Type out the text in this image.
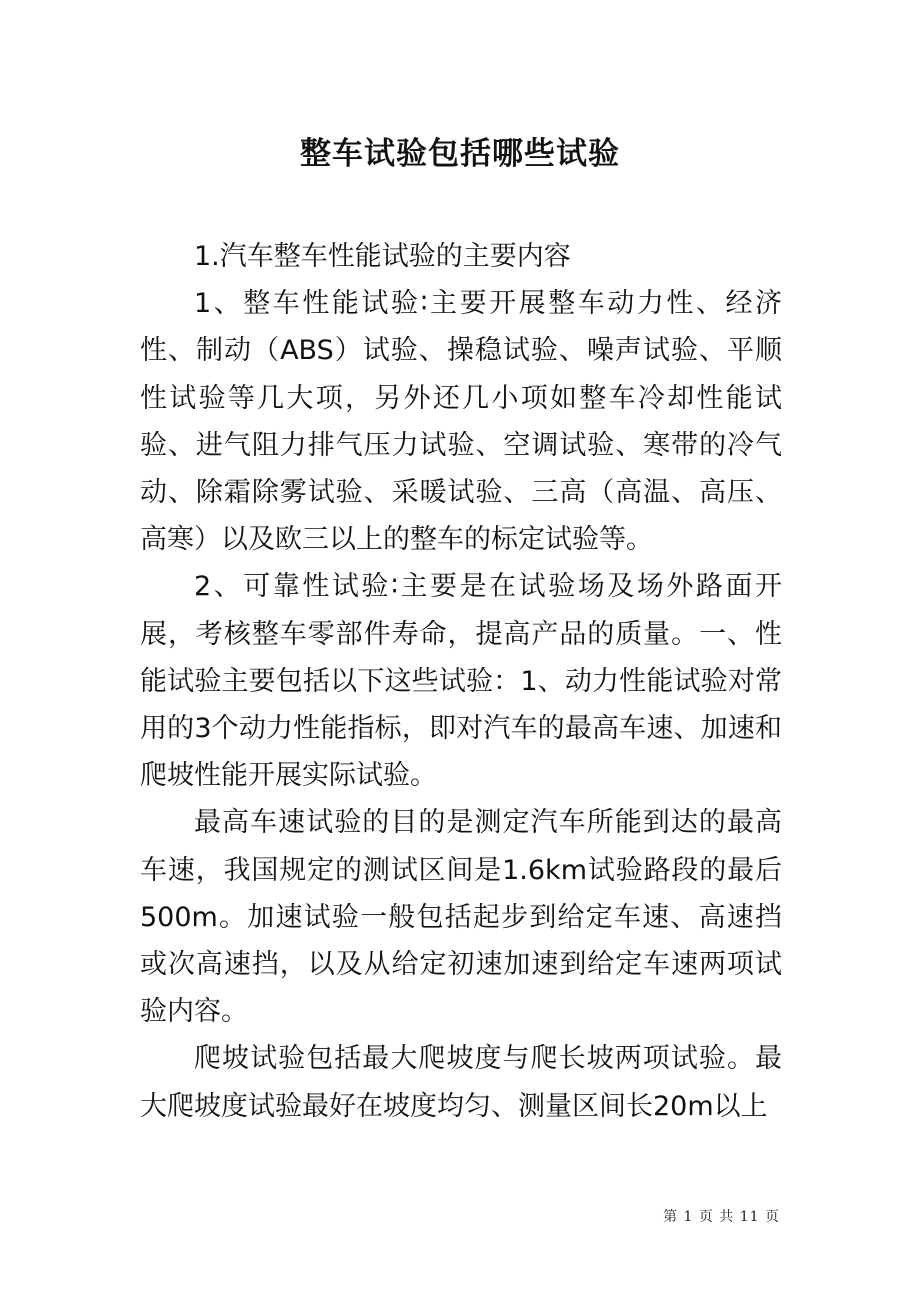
整车试验包括哪些试验

1.汽车整车性能试验的主要内容

1、整车性能试验∶主要开展整车动力性、经济性、制动（ABS）试验、操稳试验、噪声试验、平顺性试验等几大项，另外还几小项如整车冷却性能试验、进气阻力排气压力试验、空调试验、寒带的冷气动、除霜除雾试验、采暖试验、三高（高温、高压、高寒）以及欧三以上的整车的标定试验等。

2、可靠性试验∶主要是在试验场及场外路面开展，考核整车零部件寿命，提高产品的质量。一、性能试验主要包括以下这些试验：1、动力性能试验对常用的3个动力性能指标，即对汽车的最高车速、加速和爬坡性能开展实际试验。

最高车速试验的目的是测定汽车所能到达的最高车速，我国规定的测试区间是1.6km试验路段的最后500m。加速试验一般包括起步到给定车速、高速挡或次高速挡，以及从给定初速加速到给定车速两项试验内容。

爬坡试验包括最大爬坡度与爬长坡两项试验。最大爬坡度试验最好在坡度均匀、测量区间长20m以上

第 1 页 共 11 页
